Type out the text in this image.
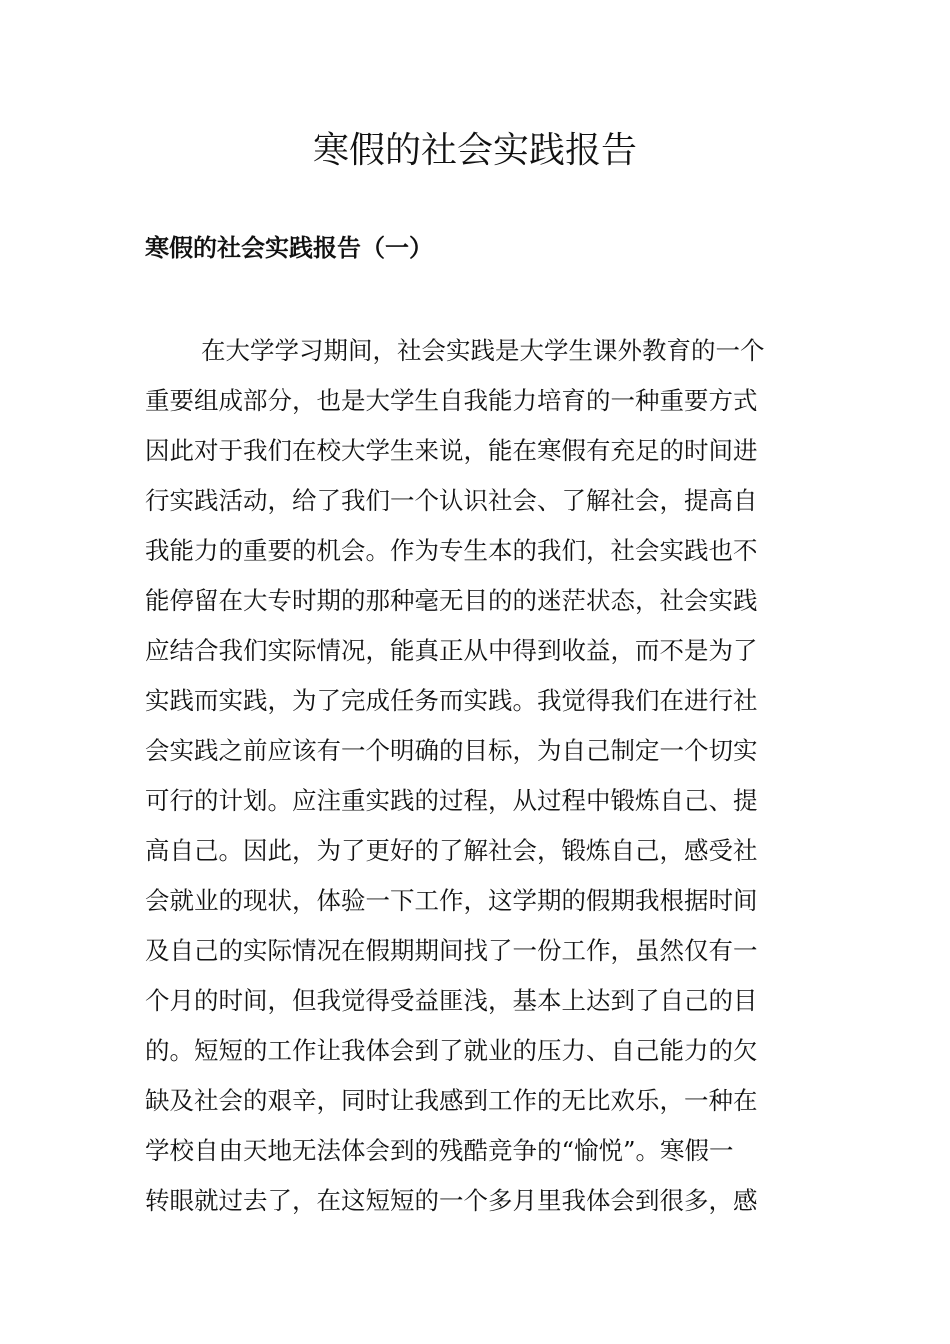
寒假的社会实践报告
寒假的社会实践报告（一）
在大学学习期间，社会实践是大学生课外教育的一个
重要组成部分，也是大学生自我能力培育的一种重要方式
因此对于我们在校大学生来说，能在寒假有充足的时间进
行实践活动，给了我们一个认识社会、了解社会，提高自
我能力的重要的机会。作为专生本的我们，社会实践也不
能停留在大专时期的那种毫无目的的迷茫状态，社会实践
应结合我们实际情况，能真正从中得到收益，而不是为了
实践而实践，为了完成任务而实践。我觉得我们在进行社
会实践之前应该有一个明确的目标，为自己制定一个切实
可行的计划。应注重实践的过程，从过程中锻炼自己、提
高自己。因此，为了更好的了解社会，锻炼自己，感受社
会就业的现状，体验一下工作，这学期的假期我根据时间
及自己的实际情况在假期期间找了一份工作，虽然仅有一
个月的时间，但我觉得受益匪浅，基本上达到了自己的目
的。短短的工作让我体会到了就业的压力、自己能力的欠
缺及社会的艰辛，同时让我感到工作的无比欢乐，一种在
学校自由天地无法体会到的残酷竞争的“愉悦”。寒假一
转眼就过去了，在这短短的一个多月里我体会到很多，感
